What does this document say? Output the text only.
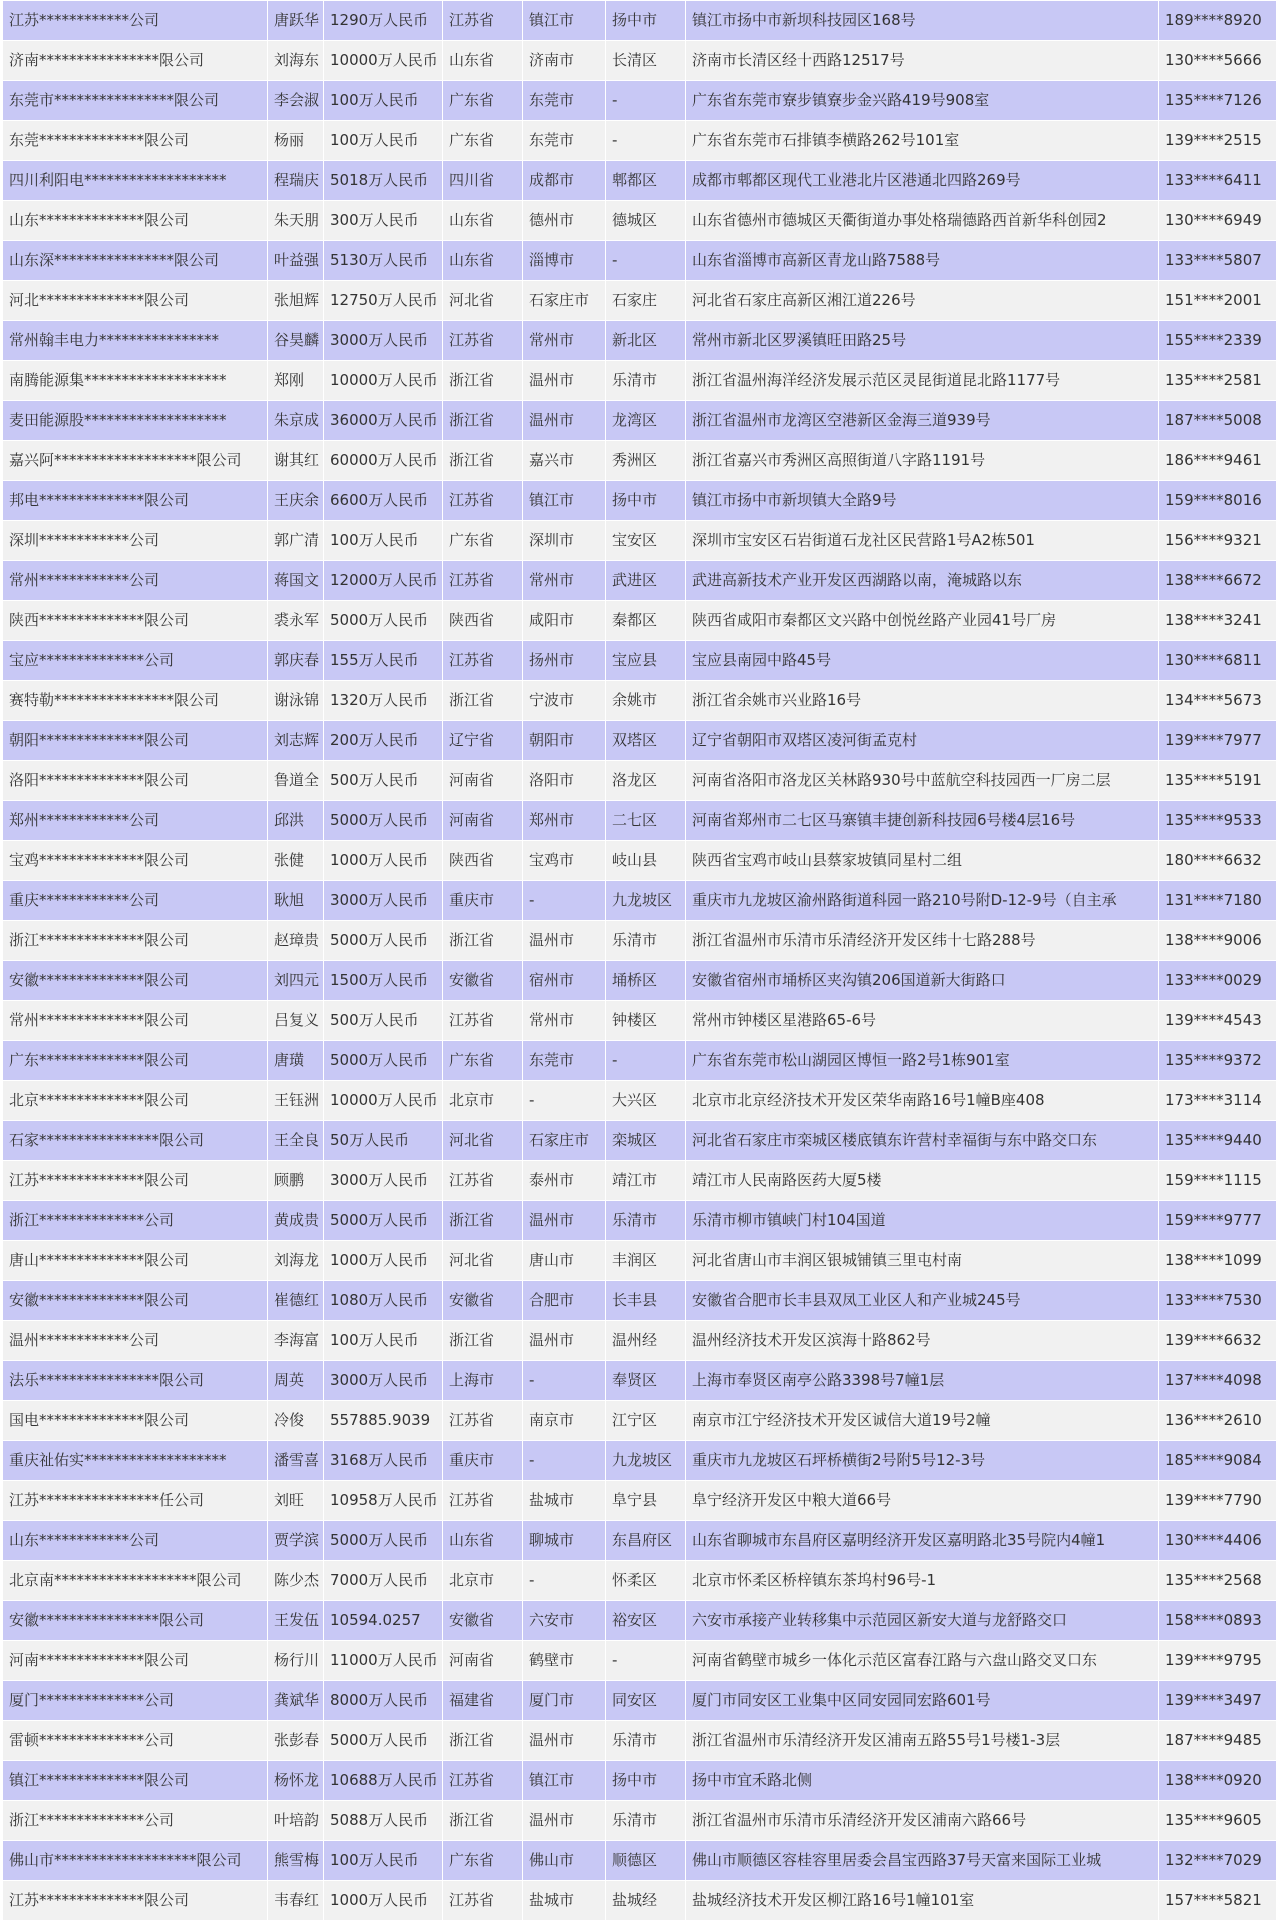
江苏************公司	唐跃华	1290万人民币	江苏省	镇江市	扬中市	镇江市扬中市新坝科技园区168号	189****8920
济南****************限公司	刘海东	10000万人民币	山东省	济南市	长清区	济南市长清区经十西路12517号	130****5666
东莞市****************限公司	李会淑	100万人民币	广东省	东莞市	-	广东省东莞市寮步镇寮步金兴路419号908室	135****7126
东莞**************限公司	杨丽	100万人民币	广东省	东莞市	-	广东省东莞市石排镇李横路262号101室	139****2515
四川利阳电*******************	程瑞庆	5018万人民币	四川省	成都市	郫都区	成都市郫都区现代工业港北片区港通北四路269号	133****6411
山东**************限公司	朱天朋	300万人民币	山东省	德州市	德城区	山东省德州市德城区天衢街道办事处格瑞德路西首新华科创园2	130****6949
山东深****************限公司	叶益强	5130万人民币	山东省	淄博市	-	山东省淄博市高新区青龙山路7588号	133****5807
河北**************限公司	张旭辉	12750万人民币	河北省	石家庄市	石家庄	河北省石家庄高新区湘江道226号	151****2001
常州翰丰电力****************	谷昊麟	3000万人民币	江苏省	常州市	新北区	常州市新北区罗溪镇旺田路25号	155****2339
南腾能源集*******************	郑刚	10000万人民币	浙江省	温州市	乐清市	浙江省温州海洋经济发展示范区灵昆街道昆北路1177号	135****2581
麦田能源股*******************	朱京成	36000万人民币	浙江省	温州市	龙湾区	浙江省温州市龙湾区空港新区金海三道939号	187****5008
嘉兴阿*******************限公司	谢其红	60000万人民币	浙江省	嘉兴市	秀洲区	浙江省嘉兴市秀洲区高照街道八字路1191号	186****9461
邦电**************限公司	王庆余	6600万人民币	江苏省	镇江市	扬中市	镇江市扬中市新坝镇大全路9号	159****8016
深圳************公司	郭广清	100万人民币	广东省	深圳市	宝安区	深圳市宝安区石岩街道石龙社区民营路1号A2栋501	156****9321
常州************公司	蒋国文	12000万人民币	江苏省	常州市	武进区	武进高新技术产业开发区西湖路以南，淹城路以东	138****6672
陕西**************限公司	裘永军	5000万人民币	陕西省	咸阳市	秦都区	陕西省咸阳市秦都区文兴路中创悦丝路产业园41号厂房	138****3241
宝应**************公司	郭庆春	155万人民币	江苏省	扬州市	宝应县	宝应县南园中路45号	130****6811
赛特勒****************限公司	谢泳锦	1320万人民币	浙江省	宁波市	余姚市	浙江省余姚市兴业路16号	134****5673
朝阳**************限公司	刘志辉	200万人民币	辽宁省	朝阳市	双塔区	辽宁省朝阳市双塔区凌河街孟克村	139****7977
洛阳**************限公司	鲁道全	500万人民币	河南省	洛阳市	洛龙区	河南省洛阳市洛龙区关林路930号中蓝航空科技园西一厂房二层	135****5191
郑州************公司	邱洪	5000万人民币	河南省	郑州市	二七区	河南省郑州市二七区马寨镇丰捷创新科技园6号楼4层16号	135****9533
宝鸡**************限公司	张健	1000万人民币	陕西省	宝鸡市	岐山县	陕西省宝鸡市岐山县蔡家坡镇同星村二组	180****6632
重庆************公司	耿旭	3000万人民币	重庆市	-	九龙坡区	重庆市九龙坡区渝州路街道科园一路210号附D-12-9号（自主承	131****7180
浙江**************限公司	赵璋贵	5000万人民币	浙江省	温州市	乐清市	浙江省温州市乐清市乐清经济开发区纬十七路288号	138****9006
安徽**************限公司	刘四元	1500万人民币	安徽省	宿州市	埇桥区	安徽省宿州市埇桥区夹沟镇206国道新大街路口	133****0029
常州**************限公司	吕复义	500万人民币	江苏省	常州市	钟楼区	常州市钟楼区星港路65-6号	139****4543
广东**************限公司	唐璜	5000万人民币	广东省	东莞市	-	广东省东莞市松山湖园区博恒一路2号1栋901室	135****9372
北京**************限公司	王钰洲	10000万人民币	北京市	-	大兴区	北京市北京经济技术开发区荣华南路16号1幢B座408	173****3114
石家****************限公司	王全良	50万人民币	河北省	石家庄市	栾城区	河北省石家庄市栾城区楼底镇东许营村幸福街与东中路交口东	135****9440
江苏**************限公司	顾鹏	3000万人民币	江苏省	泰州市	靖江市	靖江市人民南路医药大厦5楼	159****1115
浙江**************公司	黄成贵	5000万人民币	浙江省	温州市	乐清市	乐清市柳市镇峡门村104国道	159****9777
唐山**************限公司	刘海龙	1000万人民币	河北省	唐山市	丰润区	河北省唐山市丰润区银城铺镇三里屯村南	138****1099
安徽**************限公司	崔德红	1080万人民币	安徽省	合肥市	长丰县	安徽省合肥市长丰县双凤工业区人和产业城245号	133****7530
温州************公司	李海富	100万人民币	浙江省	温州市	温州经	温州经济技术开发区滨海十路862号	139****6632
法乐****************限公司	周英	3000万人民币	上海市	-	奉贤区	上海市奉贤区南亭公路3398号7幢1层	137****4098
国电**************限公司	冷俊	557885.9039	江苏省	南京市	江宁区	南京市江宁经济技术开发区诚信大道19号2幢	136****2610
重庆祉佑实*******************	潘雪喜	3168万人民币	重庆市	-	九龙坡区	重庆市九龙坡区石坪桥横街2号附5号12-3号	185****9084
江苏****************任公司	刘旺	10958万人民币	江苏省	盐城市	阜宁县	阜宁经济开发区中粮大道66号	139****7790
山东************公司	贾学滨	5000万人民币	山东省	聊城市	东昌府区	山东省聊城市东昌府区嘉明经济开发区嘉明路北35号院内4幢1	130****4406
北京南*******************限公司	陈少杰	7000万人民币	北京市	-	怀柔区	北京市怀柔区桥梓镇东茶坞村96号-1	135****2568
安徽****************限公司	王发伍	10594.0257	安徽省	六安市	裕安区	六安市承接产业转移集中示范园区新安大道与龙舒路交口	158****0893
河南**************限公司	杨行川	11000万人民币	河南省	鹤壁市	-	河南省鹤壁市城乡一体化示范区富春江路与六盘山路交叉口东	139****9795
厦门**************公司	龚斌华	8000万人民币	福建省	厦门市	同安区	厦门市同安区工业集中区同安园同宏路601号	139****3497
雷顿**************公司	张彭春	5000万人民币	浙江省	温州市	乐清市	浙江省温州市乐清经济开发区浦南五路55号1号楼1-3层	187****9485
镇江**************限公司	杨怀龙	10688万人民币	江苏省	镇江市	扬中市	扬中市宜禾路北侧	138****0920
浙江**************公司	叶培韵	5088万人民币	浙江省	温州市	乐清市	浙江省温州市乐清市乐清经济开发区浦南六路66号	135****9605
佛山市*******************限公司	熊雪梅	100万人民币	广东省	佛山市	顺德区	佛山市顺德区容桂容里居委会昌宝西路37号天富来国际工业城	132****7029
江苏**************限公司	韦春红	1000万人民币	江苏省	盐城市	盐城经	盐城经济技术开发区柳江路16号1幢101室	157****5821
